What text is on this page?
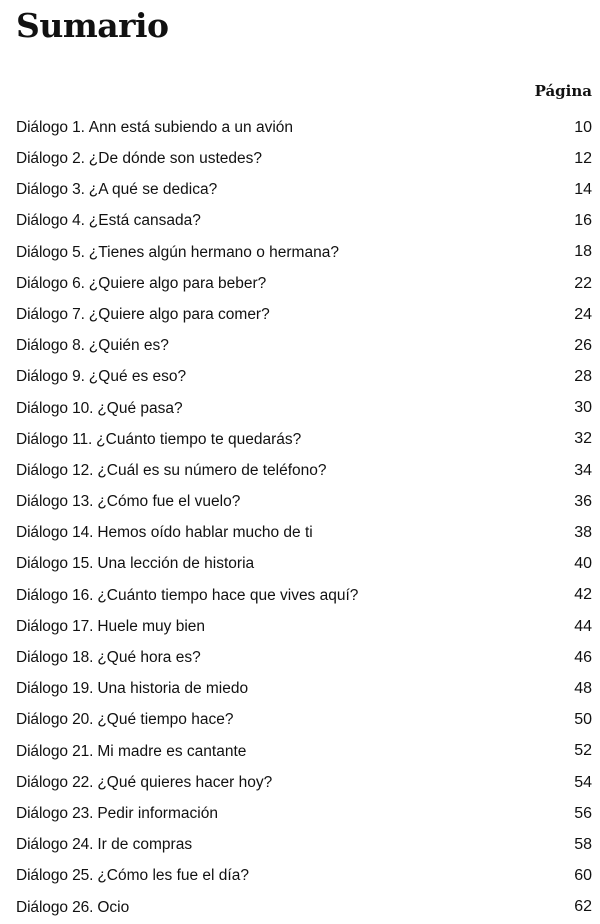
Sumario
Página
Diálogo 1. Ann está subiendo a un avión	10
Diálogo 2. ¿De dónde son ustedes?	12
Diálogo 3. ¿A qué se dedica?	14
Diálogo 4. ¿Está cansada?	16
Diálogo 5. ¿Tienes algún hermano o hermana?	18
Diálogo 6. ¿Quiere algo para beber?	22
Diálogo 7. ¿Quiere algo para comer?	24
Diálogo 8. ¿Quién es?	26
Diálogo 9. ¿Qué es eso?	28
Diálogo 10. ¿Qué pasa?	30
Diálogo 11. ¿Cuánto tiempo te quedarás?	32
Diálogo 12. ¿Cuál es su número de teléfono?	34
Diálogo 13. ¿Cómo fue el vuelo?	36
Diálogo 14. Hemos oído hablar mucho de ti	38
Diálogo 15. Una lección de historia	40
Diálogo 16. ¿Cuánto tiempo hace que vives aquí?	42
Diálogo 17. Huele muy bien	44
Diálogo 18. ¿Qué hora es?	46
Diálogo 19. Una historia de miedo	48
Diálogo 20. ¿Qué tiempo hace?	50
Diálogo 21. Mi madre es cantante	52
Diálogo 22. ¿Qué quieres hacer hoy?	54
Diálogo 23. Pedir información	56
Diálogo 24. Ir de compras	58
Diálogo 25. ¿Cómo les fue el día?	60
Diálogo 26. Ocio	62
